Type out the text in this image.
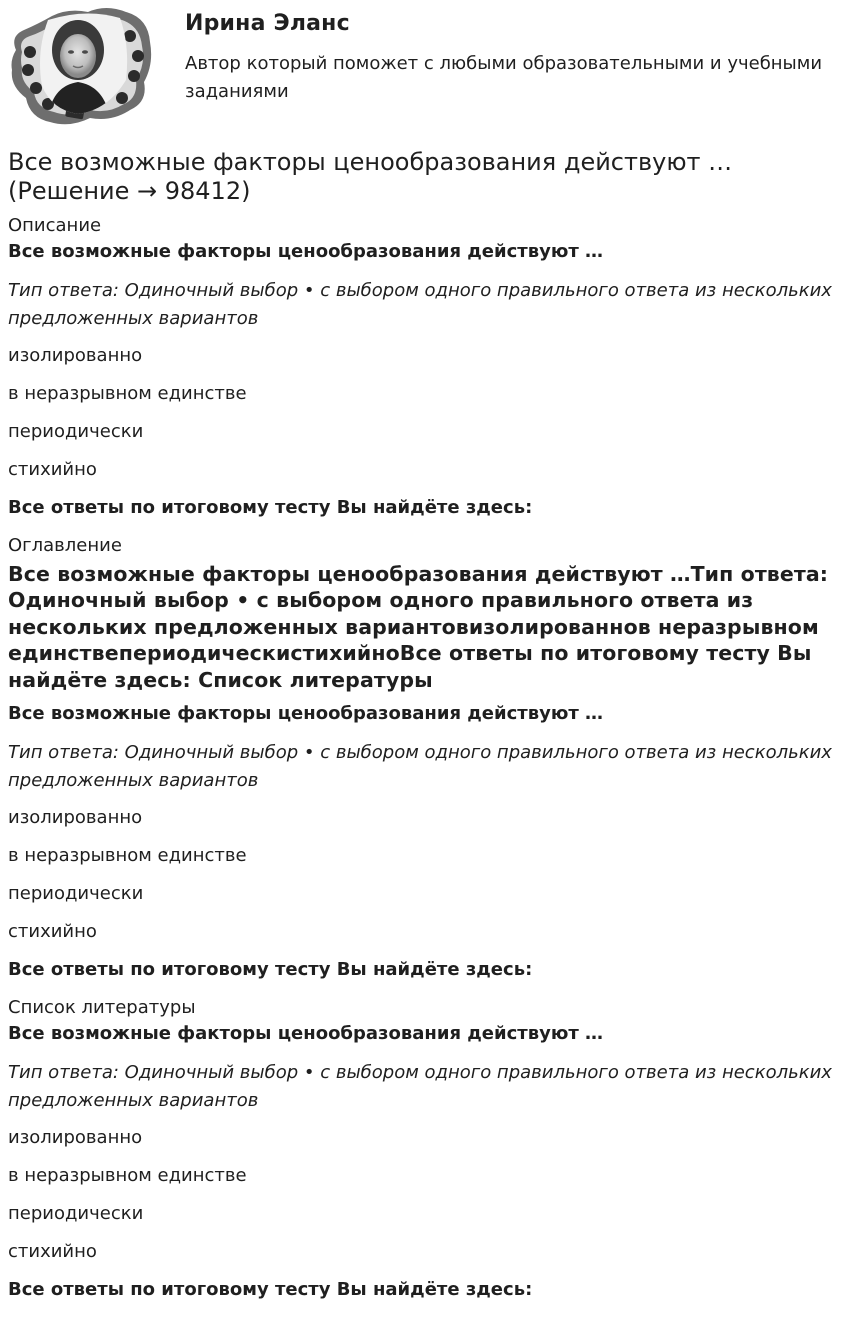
Ирина Эланс

Автор который поможет с любыми образовательными и учебными заданиями

Все возможные факторы ценообразования действуют … (Решение → 98412)
Описание
Все возможные факторы ценообразования действуют …
Тип ответа: Одиночный выбор • с выбором одного правильного ответа из нескольких предложенных вариантов
изолированно
в неразрывном единстве
периодически
стихийно
Все ответы по итоговому тесту Вы найдёте здесь:
Оглавление
Все возможные факторы ценообразования действуют …Тип ответа: Одиночный выбор • с выбором одного правильного ответа из нескольких предложенных вариантовизолированнов неразрывном единствепериодическистихийноВсе ответы по итоговому тесту Вы найдёте здесь: Список литературы
Все возможные факторы ценообразования действуют …
Тип ответа: Одиночный выбор • с выбором одного правильного ответа из нескольких предложенных вариантов
изолированно
в неразрывном единстве
периодически
стихийно
Все ответы по итоговому тесту Вы найдёте здесь:
Список литературы
Все возможные факторы ценообразования действуют …
Тип ответа: Одиночный выбор • с выбором одного правильного ответа из нескольких предложенных вариантов
изолированно
в неразрывном единстве
периодически
стихийно
Все ответы по итоговому тесту Вы найдёте здесь:
